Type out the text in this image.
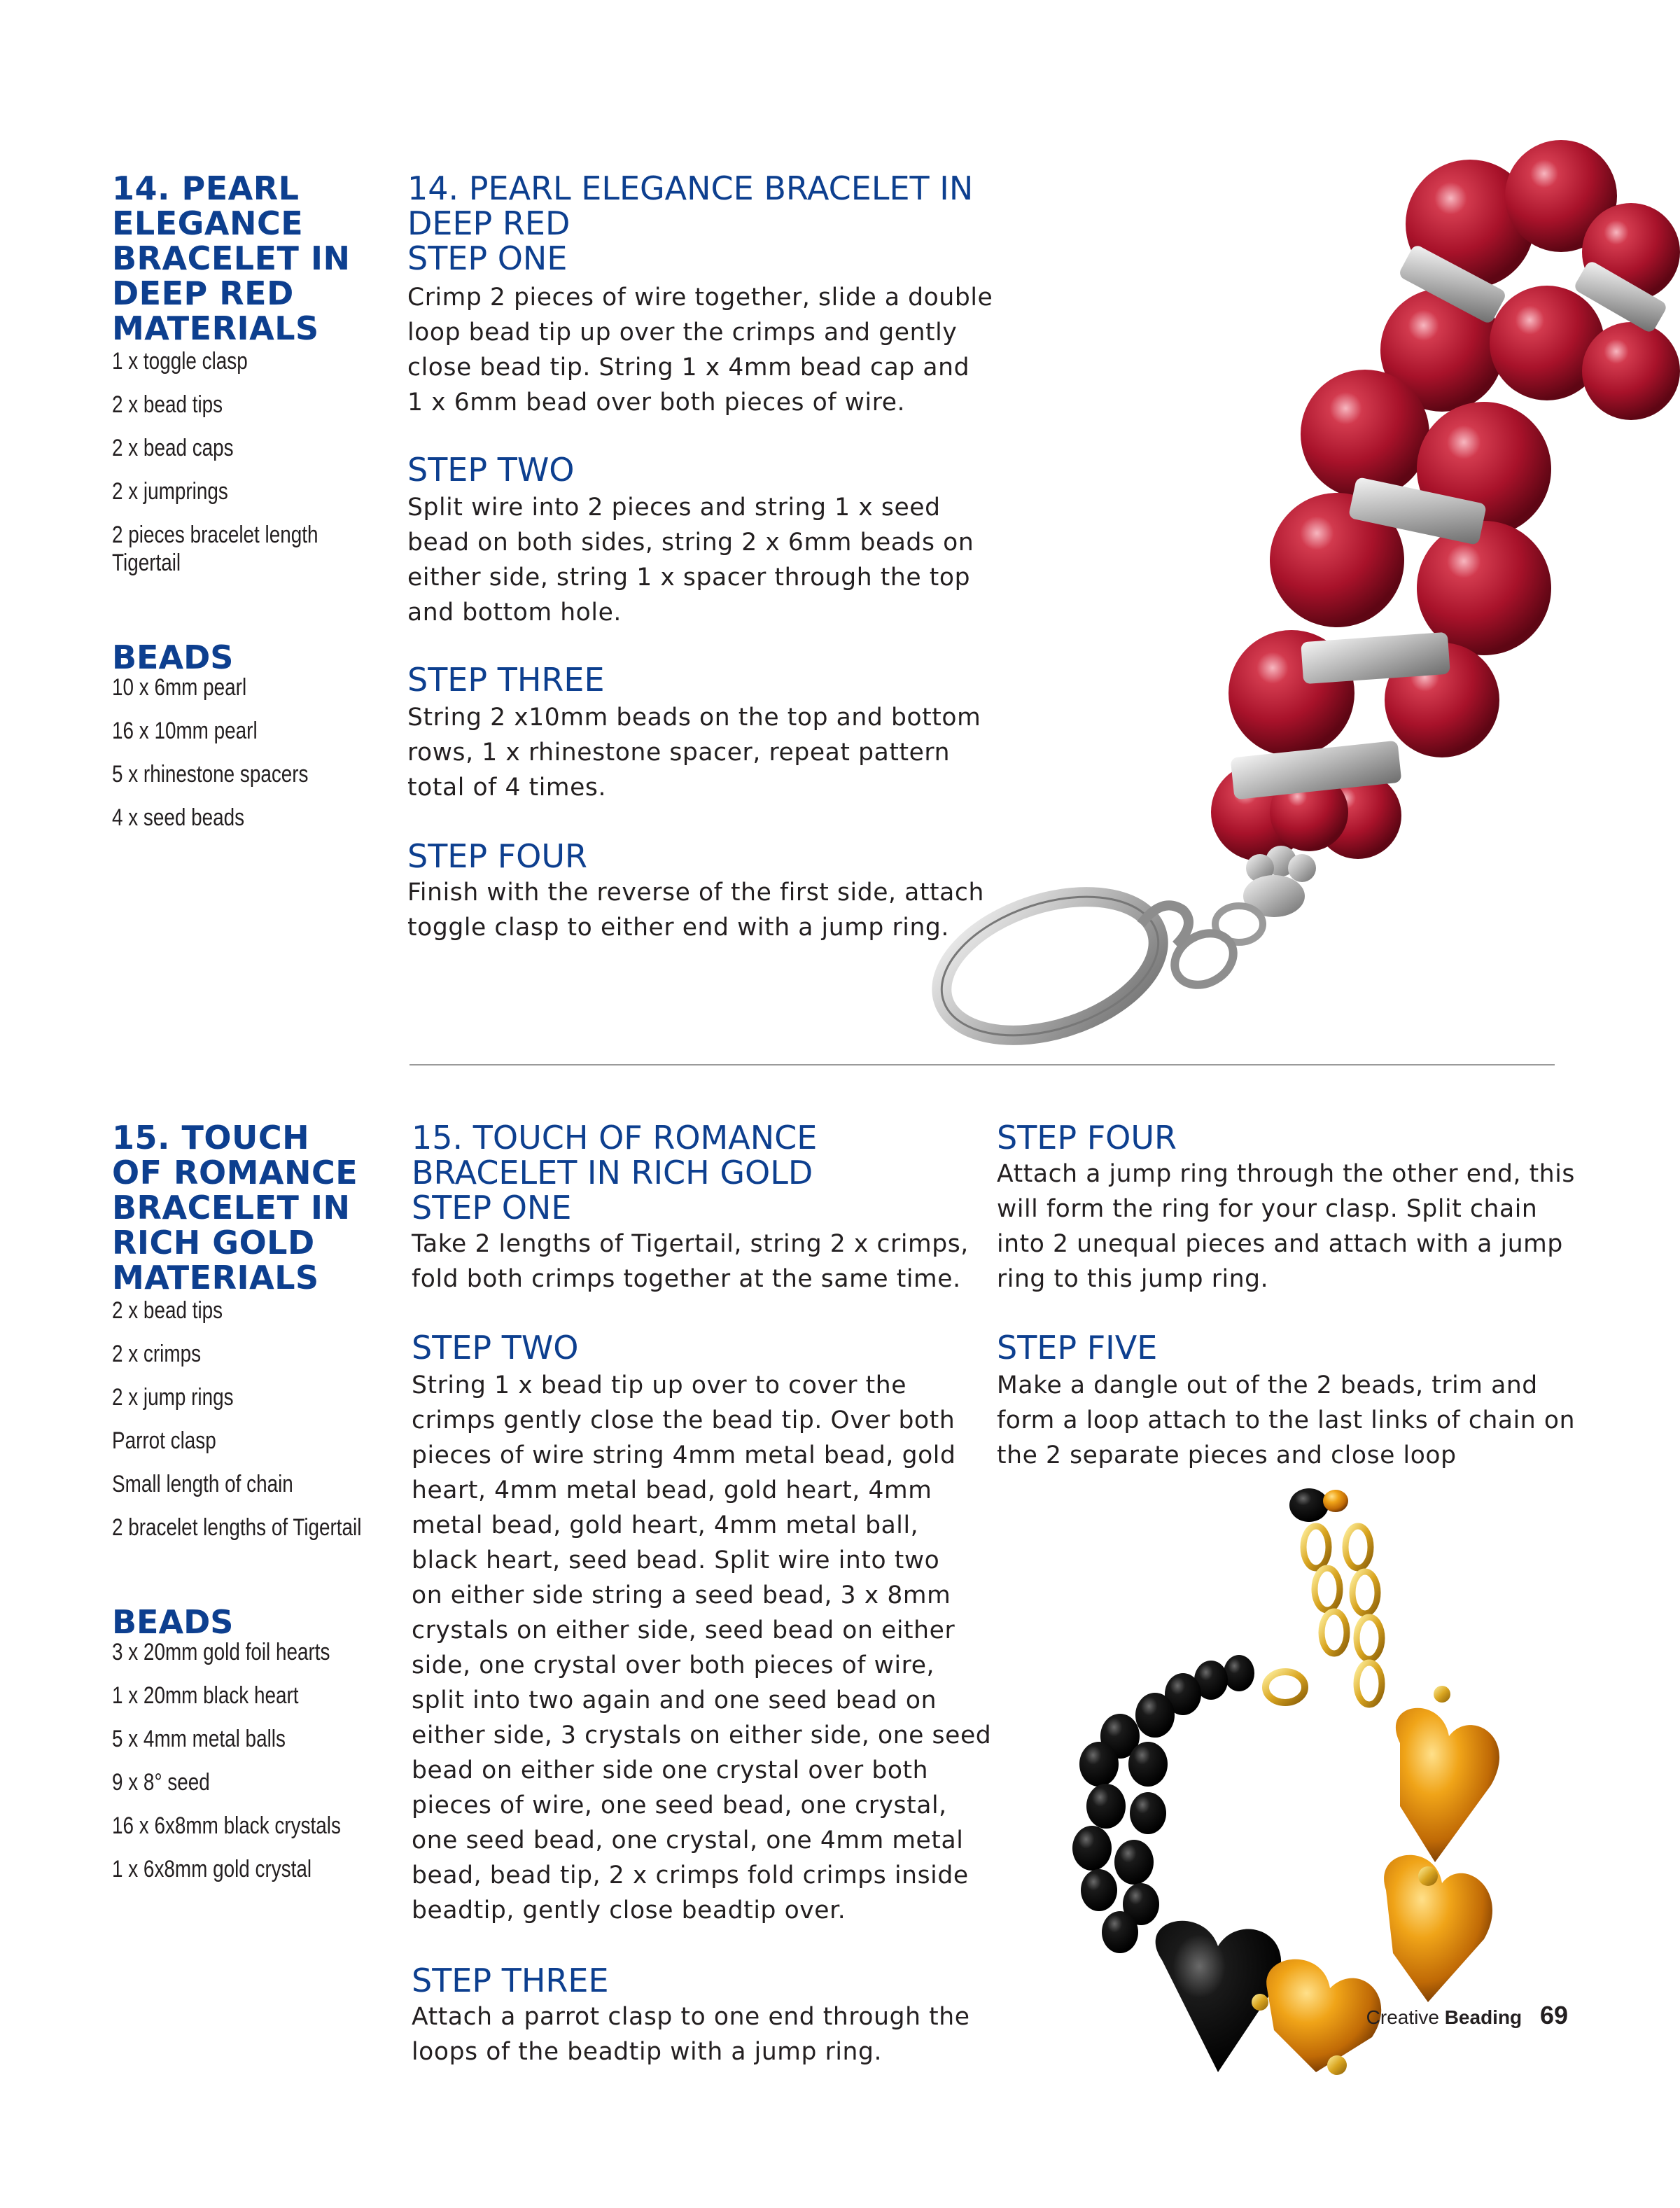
14. PEARL
ELEGANCE
BRACELET IN
DEEP RED
MATERIALS
1 x toggle clasp
2 x bead tips
2 x bead caps
2 x jumprings
2 pieces bracelet length
Tigertail
BEADS
10 x 6mm pearl
16 x 10mm pearl
5 x rhinestone spacers
4 x seed beads
14. PEARL ELEGANCE BRACELET IN
DEEP RED
STEP ONE
Crimp 2 pieces of wire together, slide a double
loop bead tip up over the crimps and gently
close bead tip. String 1 x 4mm bead cap and
1 x 6mm bead over both pieces of wire.
STEP TWO
Split wire into 2 pieces and string 1 x seed
bead on both sides, string 2 x 6mm beads on
either side, string 1 x spacer through the top
and bottom hole.
STEP THREE
String 2 x10mm beads on the top and bottom
rows, 1 x rhinestone spacer, repeat pattern
total of 4 times.
STEP FOUR
Finish with the reverse of the first side, attach
toggle clasp to either end with a jump ring.
15. TOUCH
OF ROMANCE
BRACELET IN
RICH GOLD
MATERIALS
2 x bead tips
2 x crimps
2 x jump rings
Parrot clasp
Small length of chain
2 bracelet lengths of Tigertail
BEADS
3 x 20mm gold foil hearts
1 x 20mm black heart
5 x 4mm metal balls
9 x 8° seed
16 x 6x8mm black crystals
1 x 6x8mm gold crystal
15. TOUCH OF ROMANCE
BRACELET IN RICH GOLD
STEP ONE
Take 2 lengths of Tigertail, string 2 x crimps,
fold both crimps together at the same time.
STEP TWO
String 1 x bead tip up over to cover the
crimps gently close the bead tip. Over both
pieces of wire string 4mm metal bead, gold
heart, 4mm metal bead, gold heart, 4mm
metal bead, gold heart, 4mm metal ball,
black heart, seed bead. Split wire into two
on either side string a seed bead, 3 x 8mm
crystals on either side, seed bead on either
side, one crystal over both pieces of wire,
split into two again and one seed bead on
either side, 3 crystals on either side, one seed
bead on either side one crystal over both
pieces of wire, one seed bead, one crystal,
one seed bead, one crystal, one 4mm metal
bead, bead tip, 2 x crimps fold crimps inside
beadtip, gently close beadtip over.
STEP THREE
Attach a parrot clasp to one end through the
loops of the beadtip with a jump ring.
STEP FOUR
Attach a jump ring through the other end, this
will form the ring for your clasp. Split chain
into 2 unequal pieces and attach with a jump
ring to this jump ring.
STEP FIVE
Make a dangle out of the 2 beads, trim and
form a loop attach to the last links of chain on
the 2 separate pieces and close loop
Creative Beading 69
